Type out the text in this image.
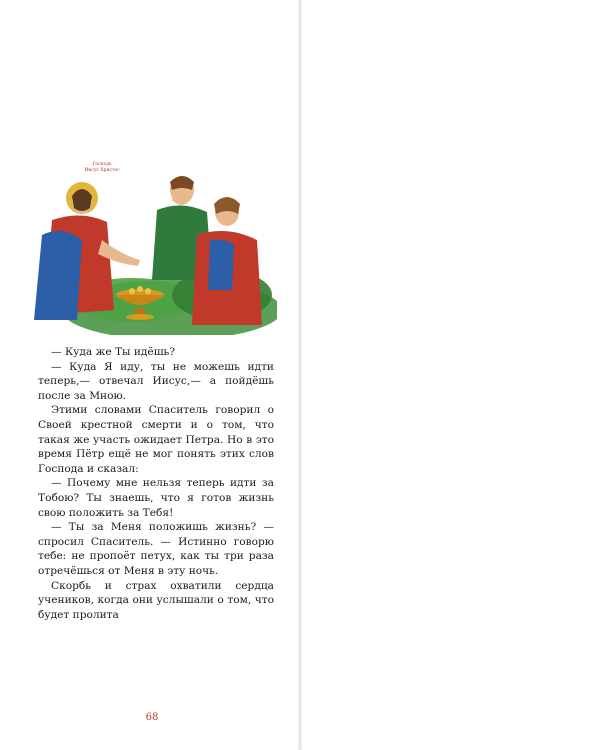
Господь
Иисус Христос

— Куда же Ты идёшь?

— Куда Я иду, ты не можешь идти теперь,— отвечал Иисус,— а пойдёшь после за Мною.

Этими словами Спаситель говорил о Своей крестной смерти и о том, что такая же участь ожидает Петра. Но в это время Пётр ещё не мог понять этих слов Господа и сказал:

— Почему мне нельзя теперь идти за Тобою? Ты знаешь, что я готов жизнь свою положить за Тебя!

— Ты за Меня положишь жизнь? — спросил Спаситель. — Истинно говорю тебе: не пропоёт петух, как ты три раза отречёшься от Меня в эту ночь.

Скорбь и страх охватили сердца учеников, когда они услышали о том, что будет пролита

68
